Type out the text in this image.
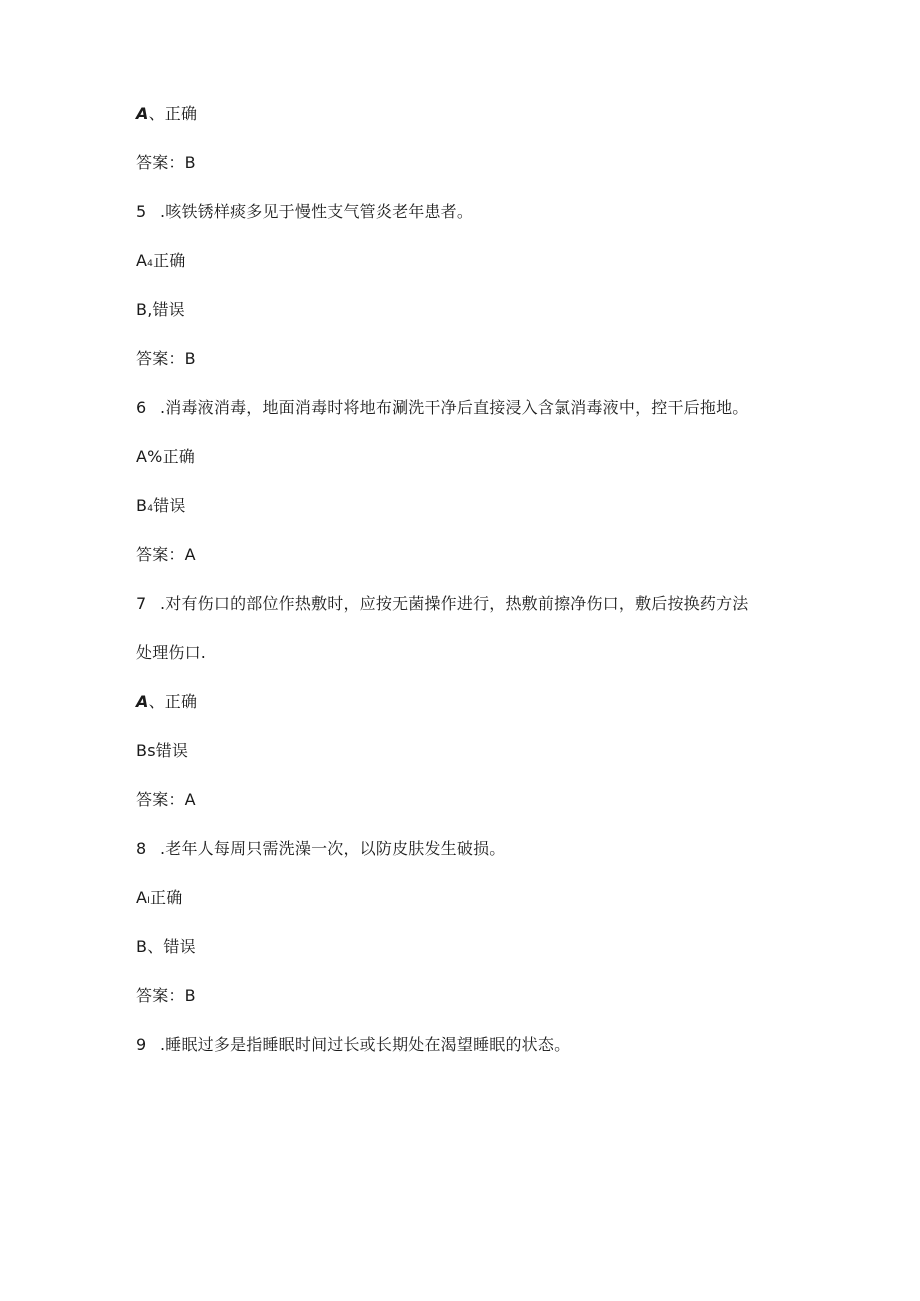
A、正确
答案：B
5 .咳铁锈样痰多见于慢性支气管炎老年患者。
A4正确
B,错误
答案：B
6 .消毒液消毒，地面消毒时将地布涮洗干净后直接浸入含氯消毒液中，控干后拖地。
A%正确
B4错误
答案：A
7 .对有伤口的部位作热敷时，应按无菌操作进行，热敷前擦净伤口，敷后按换药方法
处理伤口.
A、正确
Bs错误
答案：A
8 .老年人每周只需洗澡一次，以防皮肤发生破损。
AI正确
B、错误
答案：B
9 .睡眠过多是指睡眠时间过长或长期处在渴望睡眠的状态。
